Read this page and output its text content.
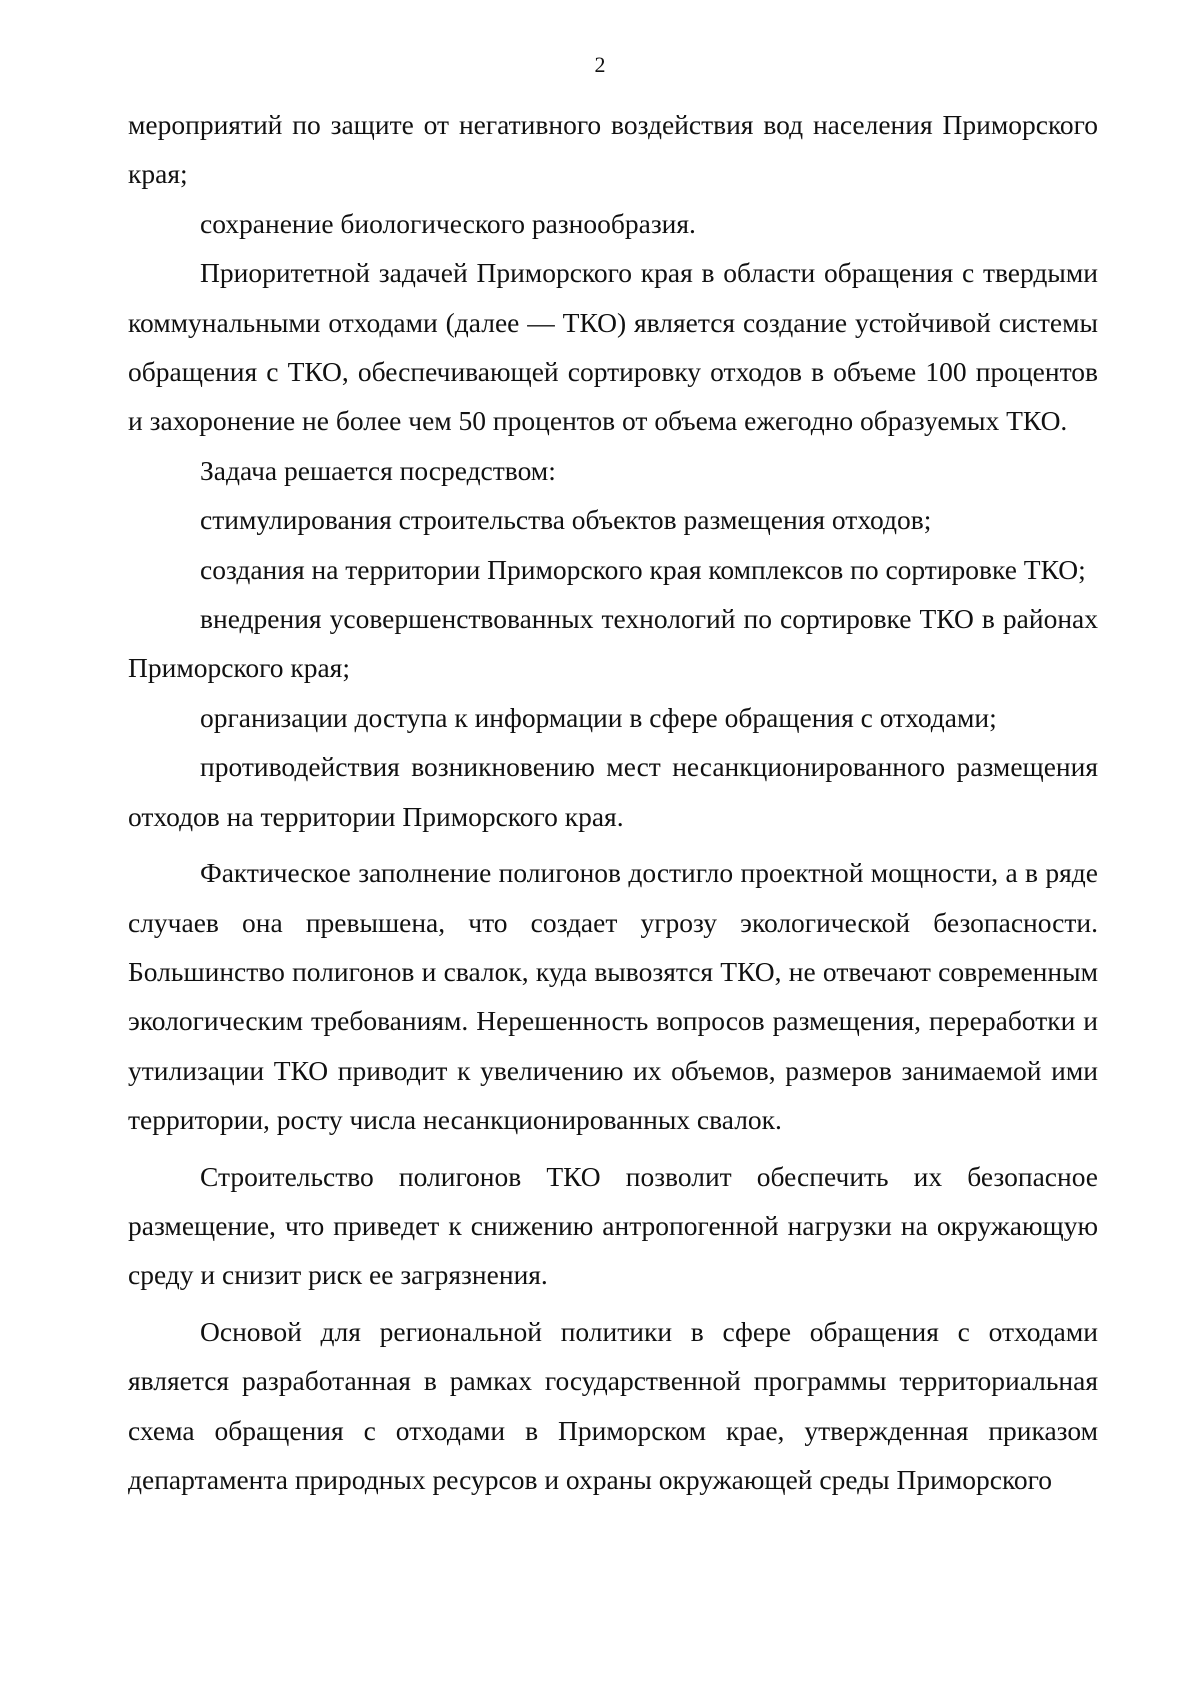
2

мероприятий по защите от негативного воздействия вод населения Приморского края;

сохранение биологического разнообразия.

Приоритетной задачей Приморского края в области обращения с твердыми коммунальными отходами (далее — ТКО) является создание устойчивой системы обращения с ТКО, обеспечивающей сортировку отходов в объеме 100 процентов и захоронение не более чем 50 процентов от объема ежегодно образуемых ТКО.

Задача решается посредством:

стимулирования строительства объектов размещения отходов;

создания на территории Приморского края комплексов по сортировке ТКО;

внедрения усовершенствованных технологий по сортировке ТКО в районах Приморского края;

организации доступа к информации в сфере обращения с отходами;

противодействия возникновению мест несанкционированного размещения отходов на территории Приморского края.

Фактическое заполнение полигонов достигло проектной мощности, а в ряде случаев она превышена, что создает угрозу экологической безопасности. Большинство полигонов и свалок, куда вывозятся ТКО, не отвечают современным экологическим требованиям. Нерешенность вопросов размещения, переработки и утилизации ТКО приводит к увеличению их объемов, размеров занимаемой ими территории, росту числа несанкционированных свалок.

Строительство полигонов ТКО позволит обеспечить их безопасное размещение, что приведет к снижению антропогенной нагрузки на окружающую среду и снизит риск ее загрязнения.

Основой для региональной политики в сфере обращения с отходами является разработанная в рамках государственной программы территориальная схема обращения с отходами в Приморском крае, утвержденная приказом департамента природных ресурсов и охраны окружающей среды Приморского
